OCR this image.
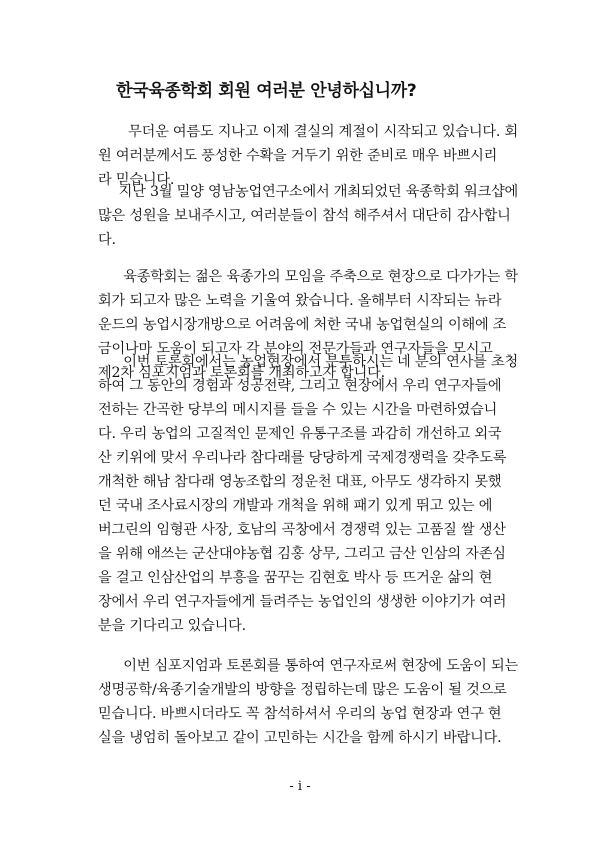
한국육종학회 회원 여러분 안녕하십니까?
무더운 여름도 지나고 이제 결실의 계절이 시작되고 있습니다. 회
원 여러분께서도 풍성한 수확을 거두기 위한 준비로 매우 바쁘시리
라 믿습니다.
지난 3월 밀양 영남농업연구소에서 개최되었던 육종학회 워크샵에
많은 성원을 보내주시고, 여러분들이 참석 해주셔서 대단히 감사합니
다.
육종학회는 젊은 육종가의 모임을 주축으로 현장으로 다가가는 학
회가 되고자 많은 노력을 기울여 왔습니다. 올해부터 시작되는 뉴라
운드의 농업시장개방으로 어려움에 처한 국내 농업현실의 이해에 조
금이나마 도움이 되고자 각 분야의 전문가들과 연구자들을 모시고
제2차 심포지엄과 토론회를 개최하고자 합니다.
이번 토론회에서는 농업현장에서 분투하시는 네 분의 연사를 초청
하여 그 동안의 경험과 성공전략, 그리고 현장에서 우리 연구자들에
전하는 간곡한 당부의 메시지를 들을 수 있는 시간을 마련하였습니
다. 우리 농업의 고질적인 문제인 유통구조를 과감히 개선하고 외국
산 키위에 맞서 우리나라 참다래를 당당하게 국제경쟁력을 갖추도록
개척한 해남 참다래 영농조합의 정운천 대표, 아무도 생각하지 못했
던 국내 조사료시장의 개발과 개척을 위해 패기 있게 뛰고 있는 에
버그린의 임형관 사장, 호남의 곡창에서 경쟁력 있는 고품질 쌀 생산
을 위해 애쓰는 군산대야농협 김홍 상무, 그리고 금산 인삼의 자존심
을 걸고 인삼산업의 부흥을 꿈꾸는 김현호 박사 등 뜨거운 삶의 현
장에서 우리 연구자들에게 들려주는 농업인의 생생한 이야기가 여러
분을 기다리고 있습니다.
이번 심포지엄과 토론회를 통하여 연구자로써 현장에 도움이 되는
생명공학/육종기술개발의 방향을 정립하는데 많은 도움이 될 것으로
믿습니다. 바쁘시더라도 꼭 참석하셔서 우리의 농업 현장과 연구 현
실을 냉엄히 돌아보고 같이 고민하는 시간을 함께 하시기 바랍니다.
- i -
